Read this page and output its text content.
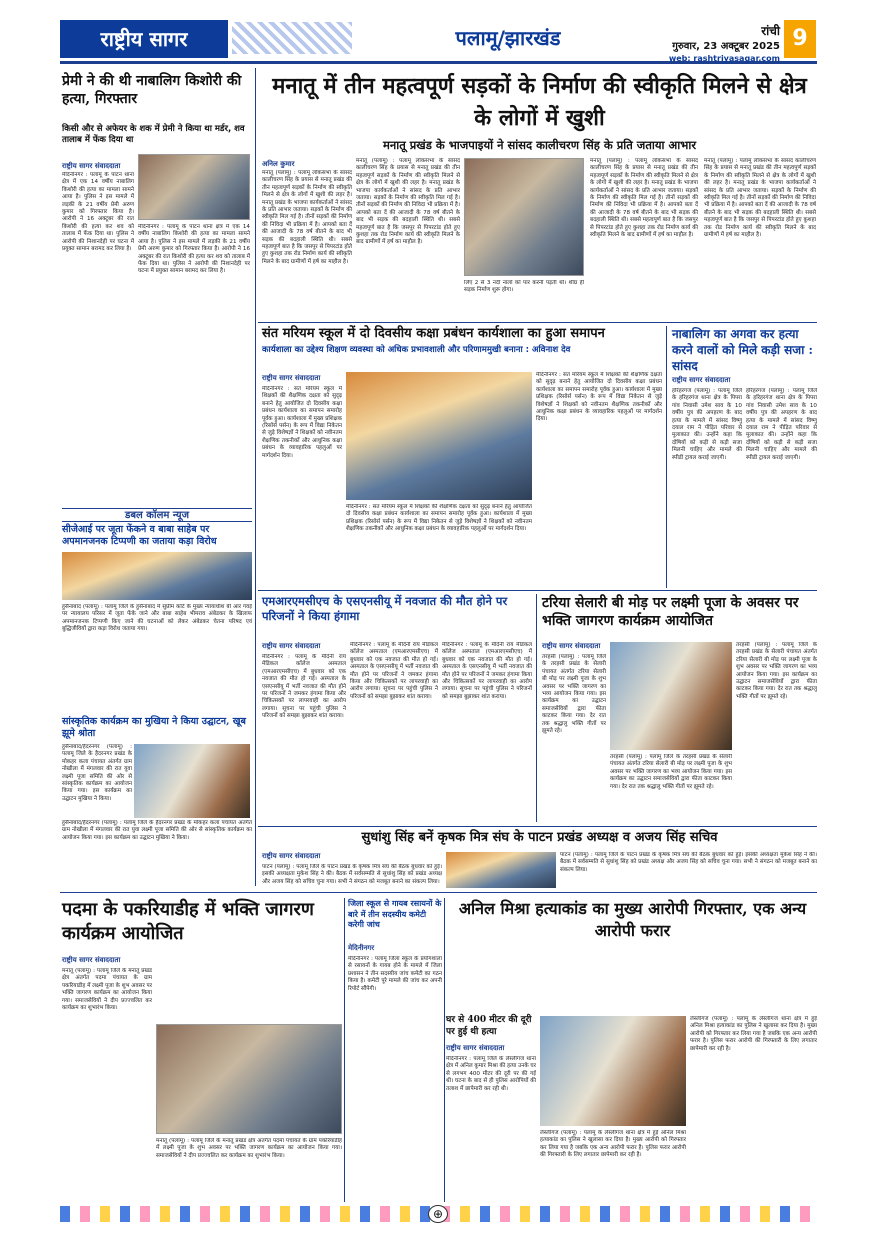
राष्ट्रीय सागर	पलामू/झारखंड	रांची
गुरुवार, 23 अक्टूबर 2025
web: rashtriyasagar.com
9
प्रेमी ने की थी नाबालिग किशोरी की हत्या, गिरफ्तार
किसी और से अफेयर के शक में प्रेमी ने किया था मर्डर, शव तालाब में फेंक दिया था
राष्ट्रीय सागर संवाददाता
मेदिनीनगर : पलामू के पाटन थाना क्षेत्र में एक 14 वर्षीय नाबालिग किशोरी की हत्या का मामला सामने आया है। पुलिस ने इस मामले में लड़की के 21 वर्षीय प्रेमी अरुण कुमार को गिरफ्तार किया है। आरोपी ने 16 अक्टूबर की रात किशोरी की हत्या कर शव को तालाब में फेंक दिया था। पुलिस ने आरोपी की निशानदेही पर घटना में प्रयुक्त सामान बरामद कर लिया है।
मेदिनीनगर : पलामू के पाटन थाना क्षेत्र में एक 14 वर्षीय नाबालिग किशोरी की हत्या का मामला सामने आया है। पुलिस ने इस मामले में लड़की के 21 वर्षीय प्रेमी अरुण कुमार को गिरफ्तार किया है। आरोपी ने 16 अक्टूबर की रात किशोरी की हत्या कर शव को तालाब में फेंक दिया था। पुलिस ने आरोपी की निशानदेही पर घटना में प्रयुक्त सामान बरामद कर लिया है।
डबल कॉलम न्यूज
सीजेआई पर जूता फेंकने व बाबा साहेब पर अपमानजनक टिप्पणी का जताया कड़ा विरोध
हुसैनाबाद (पलामू) : पलामू जिले के हुसैनाबाद में सुप्रीम कोर्ट के मुख्य न्यायाधीश बी आर गवई पर न्यायालय परिसर में जूता फेंके जाने और बाबा साहेब भीमराव अंबेडकर के खिलाफ अपमानजनक टिप्पणी किए जाने की घटनाओं को लेकर अंबेडकर चेतना परिषद एवं बुद्धिजीवियों द्वारा कड़ा विरोध जताया गया।
सांस्कृतिक कार्यक्रम का मुखिया ने किया उद्घाटन, खूब झूमे श्रोता
हुसैनाबाद/हैदरनगर (पलामू) : पलामू जिले के हैदरनगर प्रखंड के मोकहर कला पंचायत अंतर्गत ग्राम नोखीला में मंगलवार की रात युवा लक्ष्मी पूजा समिति की ओर से सांस्कृतिक कार्यक्रम का आयोजन किया गया। इस कार्यक्रम का उद्घाटन मुखिया ने किया।
हुसैनाबाद/हैदरनगर (पलामू) : पलामू जिले के हैदरनगर प्रखंड के मोकहर कला पंचायत अंतर्गत ग्राम नोखीला में मंगलवार की रात युवा लक्ष्मी पूजा समिति की ओर से सांस्कृतिक कार्यक्रम का आयोजन किया गया। इस कार्यक्रम का उद्घाटन मुखिया ने किया।
मनातू में तीन महत्वपूर्ण सड़कों के निर्माण की स्वीकृति मिलने से क्षेत्र के लोगों में खुशी
मनातू प्रखंड के भाजपाइयों ने सांसद कालीचरण सिंह के प्रति जताया आभार
अनिल कुमार
मनातू (पलामू) : पलामू लोकसभा के सांसद कालीचरण सिंह के प्रयास से मनातू प्रखंड की तीन महत्वपूर्ण सड़कों के निर्माण की स्वीकृति मिलने से क्षेत्र के लोगों में खुशी की लहर है। मनातू प्रखंड के भाजपा कार्यकर्ताओं ने सांसद के प्रति आभार जताया। सड़कों के निर्माण की स्वीकृति मिल गई है। तीनों सड़कों की निर्माण की निविदा भी प्रक्रिया में है। आपको बता दें की आजादी के 78 वर्ष बीतने के बाद भी सड़क की बदहाली स्थिति थी। सबसे महत्वपूर्ण बात है कि जसपुर से पिपरटांड होते हुए कुशहा तक रोड निर्माण कार्य की स्वीकृति मिलने के बाद ग्रामीणों में हर्ष का माहौल है।
मनातू (पलामू) : पलामू लोकसभा के सांसद कालीचरण सिंह के प्रयास से मनातू प्रखंड की तीन महत्वपूर्ण सड़कों के निर्माण की स्वीकृति मिलने से क्षेत्र के लोगों में खुशी की लहर है। मनातू प्रखंड के भाजपा कार्यकर्ताओं ने सांसद के प्रति आभार जताया। सड़कों के निर्माण की स्वीकृति मिल गई है। तीनों सड़कों की निर्माण की निविदा भी प्रक्रिया में है। आपको बता दें की आजादी के 78 वर्ष बीतने के बाद भी सड़क की बदहाली स्थिति थी। सबसे महत्वपूर्ण बात है कि जसपुर से पिपरटांड होते हुए कुशहा तक रोड निर्माण कार्य की स्वीकृति मिलने के बाद ग्रामीणों में हर्ष का माहौल है।
लिए 2 से 3 नदी नालों को पार करनी पड़ती थी। शीघ्र ही सड़क निर्माण शुरू होगा।
मनातू (पलामू) : पलामू लोकसभा के सांसद कालीचरण सिंह के प्रयास से मनातू प्रखंड की तीन महत्वपूर्ण सड़कों के निर्माण की स्वीकृति मिलने से क्षेत्र के लोगों में खुशी की लहर है। मनातू प्रखंड के भाजपा कार्यकर्ताओं ने सांसद के प्रति आभार जताया। सड़कों के निर्माण की स्वीकृति मिल गई है। तीनों सड़कों की निर्माण की निविदा भी प्रक्रिया में है। आपको बता दें की आजादी के 78 वर्ष बीतने के बाद भी सड़क की बदहाली स्थिति थी। सबसे महत्वपूर्ण बात है कि जसपुर से पिपरटांड होते हुए कुशहा तक रोड निर्माण कार्य की स्वीकृति मिलने के बाद ग्रामीणों में हर्ष का माहौल है।
मनातू (पलामू) : पलामू लोकसभा के सांसद कालीचरण सिंह के प्रयास से मनातू प्रखंड की तीन महत्वपूर्ण सड़कों के निर्माण की स्वीकृति मिलने से क्षेत्र के लोगों में खुशी की लहर है। मनातू प्रखंड के भाजपा कार्यकर्ताओं ने सांसद के प्रति आभार जताया। सड़कों के निर्माण की स्वीकृति मिल गई है। तीनों सड़कों की निर्माण की निविदा भी प्रक्रिया में है। आपको बता दें की आजादी के 78 वर्ष बीतने के बाद भी सड़क की बदहाली स्थिति थी। सबसे महत्वपूर्ण बात है कि जसपुर से पिपरटांड होते हुए कुशहा तक रोड निर्माण कार्य की स्वीकृति मिलने के बाद ग्रामीणों में हर्ष का माहौल है।
संत मरियम स्कूल में दो दिवसीय कक्षा प्रबंधन कार्यशाला का हुआ समापन
कार्यशाला का उद्देश्य शिक्षण व्यवस्था को अधिक प्रभावशाली और परिणाममुखी बनाना : अविनाश देव
राष्ट्रीय सागर संवाददाता
मेदिनीनगर : संत मरियम स्कूल में शिक्षकों की शैक्षणिक दक्षता को सुदृढ़ बनाने हेतु आयोजित दो दिवसीय कक्षा प्रबंधन कार्यशाला का समापन समारोह पूर्वक हुआ। कार्यशाला में मुख्य प्रशिक्षक (रिसोर्स पर्सन) के रूप में विद्या निकेतन से जुड़े विशेषज्ञों ने शिक्षकों को नवीनतम शैक्षणिक तकनीकों और आधुनिक कक्षा प्रबंधन के व्यावहारिक पहलुओं पर मार्गदर्शन दिया।
मेदिनीनगर : संत मरियम स्कूल में शिक्षकों की शैक्षणिक दक्षता को सुदृढ़ बनाने हेतु आयोजित दो दिवसीय कक्षा प्रबंधन कार्यशाला का समापन समारोह पूर्वक हुआ। कार्यशाला में मुख्य प्रशिक्षक (रिसोर्स पर्सन) के रूप में विद्या निकेतन से जुड़े विशेषज्ञों ने शिक्षकों को नवीनतम शैक्षणिक तकनीकों और आधुनिक कक्षा प्रबंधन के व्यावहारिक पहलुओं पर मार्गदर्शन दिया।
मेदिनीनगर : संत मरियम स्कूल में शिक्षकों की शैक्षणिक दक्षता को सुदृढ़ बनाने हेतु आयोजित दो दिवसीय कक्षा प्रबंधन कार्यशाला का समापन समारोह पूर्वक हुआ। कार्यशाला में मुख्य प्रशिक्षक (रिसोर्स पर्सन) के रूप में विद्या निकेतन से जुड़े विशेषज्ञों ने शिक्षकों को नवीनतम शैक्षणिक तकनीकों और आधुनिक कक्षा प्रबंधन के व्यावहारिक पहलुओं पर मार्गदर्शन दिया।
नाबालिग का अगवा कर हत्या करने वालों को मिले कड़ी सजा : सांसद
राष्ट्रीय सागर संवाददाता
हरिहरगंज (पलामू) : पलामू जिले के हरिहरगंज थाना क्षेत्र के पिपरा गांव निवासी उमेश साव के 10 वर्षीय पुत्र की अपहरण के बाद हत्या के मामले में सांसद विष्णु दयाल राम ने पीड़ित परिवार से मुलाकात की। उन्होंने कहा कि दोषियों को कड़ी से कड़ी सजा मिलनी चाहिए और मामले की स्पीडी ट्रायल कराई जाएगी।
हरिहरगंज (पलामू) : पलामू जिले के हरिहरगंज थाना क्षेत्र के पिपरा गांव निवासी उमेश साव के 10 वर्षीय पुत्र की अपहरण के बाद हत्या के मामले में सांसद विष्णु दयाल राम ने पीड़ित परिवार से मुलाकात की। उन्होंने कहा कि दोषियों को कड़ी से कड़ी सजा मिलनी चाहिए और मामले की स्पीडी ट्रायल कराई जाएगी।
एमआरएमसीएच के एसएनसीयू में नवजात की मौत होने पर परिजनों ने किया हंगामा
राष्ट्रीय सागर संवाददाता
मेदिनीनगर : पलामू के मेदिनी राय मेडिकल कॉलेज अस्पताल (एमआरएमसीएच) में बुधवार को एक नवजात की मौत हो गई। अस्पताल के एसएनसीयू में भर्ती नवजात की मौत होने पर परिजनों ने जमकर हंगामा किया और चिकित्सकों पर लापरवाही का आरोप लगाया। सूचना पर पहुंची पुलिस ने परिजनों को समझा बुझाकर शांत कराया।
मेदिनीनगर : पलामू के मेदिनी राय मेडिकल कॉलेज अस्पताल (एमआरएमसीएच) में बुधवार को एक नवजात की मौत हो गई। अस्पताल के एसएनसीयू में भर्ती नवजात की मौत होने पर परिजनों ने जमकर हंगामा किया और चिकित्सकों पर लापरवाही का आरोप लगाया। सूचना पर पहुंची पुलिस ने परिजनों को समझा बुझाकर शांत कराया।
मेदिनीनगर : पलामू के मेदिनी राय मेडिकल कॉलेज अस्पताल (एमआरएमसीएच) में बुधवार को एक नवजात की मौत हो गई। अस्पताल के एसएनसीयू में भर्ती नवजात की मौत होने पर परिजनों ने जमकर हंगामा किया और चिकित्सकों पर लापरवाही का आरोप लगाया। सूचना पर पहुंची पुलिस ने परिजनों को समझा बुझाकर शांत कराया।
टरिया सेलारी बी मोड़ पर लक्ष्मी पूजा के अवसर पर भक्ति जागरण कार्यक्रम आयोजित
राष्ट्रीय सागर संवाददाता
तरहसी (पलामू) : पलामू जिले के तरहसी प्रखंड के सेलारी पंचायत अंतर्गत टरिया सेलारी बी मोड़ पर लक्ष्मी पूजा के शुभ अवसर पर भक्ति जागरण का भव्य आयोजन किया गया। इस कार्यक्रम का उद्घाटन समाजसेवियों द्वारा फीता काटकर किया गया। देर रात तक श्रद्धालु भक्ति गीतों पर झूमते रहे।
तरहसी (पलामू) : पलामू जिले के तरहसी प्रखंड के सेलारी पंचायत अंतर्गत टरिया सेलारी बी मोड़ पर लक्ष्मी पूजा के शुभ अवसर पर भक्ति जागरण का भव्य आयोजन किया गया। इस कार्यक्रम का उद्घाटन समाजसेवियों द्वारा फीता काटकर किया गया। देर रात तक श्रद्धालु भक्ति गीतों पर झूमते रहे।
तरहसी (पलामू) : पलामू जिले के तरहसी प्रखंड के सेलारी पंचायत अंतर्गत टरिया सेलारी बी मोड़ पर लक्ष्मी पूजा के शुभ अवसर पर भक्ति जागरण का भव्य आयोजन किया गया। इस कार्यक्रम का उद्घाटन समाजसेवियों द्वारा फीता काटकर किया गया। देर रात तक श्रद्धालु भक्ति गीतों पर झूमते रहे।
सुधांशु सिंह बनें कृषक मित्र संघ के पाटन प्रखंड अध्यक्ष व अजय सिंह सचिव
राष्ट्रीय सागर संवाददाता
पाटन (पलामू) : पलामू जिले के पाटन प्रखंड के कृषक मित्र संघ की बैठक बुधवार को हुई। इसकी अध्यक्षता मुकेश सिंह ने की। बैठक में सर्वसम्मति से सुधांशु सिंह को प्रखंड अध्यक्ष और अजय सिंह को सचिव चुना गया। सभी ने संगठन को मजबूत बनाने का संकल्प लिया।
पाटन (पलामू) : पलामू जिले के पाटन प्रखंड के कृषक मित्र संघ की बैठक बुधवार को हुई। इसकी अध्यक्षता मुकेश सिंह ने की। बैठक में सर्वसम्मति से सुधांशु सिंह को प्रखंड अध्यक्ष और अजय सिंह को सचिव चुना गया। सभी ने संगठन को मजबूत बनाने का संकल्प लिया।
पदमा के पकरियाडीह में भक्ति जागरण कार्यक्रम आयोजित
राष्ट्रीय सागर संवाददाता
मनातू (पलामू) : पलामू जिले के मनातू प्रखंड क्षेत्र अंतर्गत पदमा पंचायत के ग्राम पकरियाडीह में लक्ष्मी पूजा के शुभ अवसर पर भक्ति जागरण कार्यक्रम का आयोजन किया गया। समाजसेवियों ने दीप प्रज्ज्वलित कर कार्यक्रम का शुभारंभ किया।
मनातू (पलामू) : पलामू जिले के मनातू प्रखंड क्षेत्र अंतर्गत पदमा पंचायत के ग्राम पकरियाडीह में लक्ष्मी पूजा के शुभ अवसर पर भक्ति जागरण कार्यक्रम का आयोजन किया गया। समाजसेवियों ने दीप प्रज्ज्वलित कर कार्यक्रम का शुभारंभ किया।
जिला स्कूल से गायब रसायनों के बारे में तीन सदस्यीय कमेटी करेगी जांच
मेदिनीनगर
मेदिनीनगर : पलामू जिला स्कूल के प्रयोगशाला से रसायनों के गायब होने के मामले में जिला प्रशासन ने तीन सदस्यीय जांच कमेटी का गठन किया है। कमेटी पूरे मामले की जांच कर अपनी रिपोर्ट सौंपेगी।
घर से 400 मीटर की दूरी पर हुई थी हत्या
राष्ट्रीय सागर संवाददाता
मेदिनीनगर : पलामू जिले के लेस्लीगंज थाना क्षेत्र में अनिल कुमार मिश्रा की हत्या उनके घर से लगभग 400 मीटर की दूरी पर की गई थी। घटना के बाद से ही पुलिस आरोपियों की तलाश में छापेमारी कर रही थी।
अनिल मिश्रा हत्याकांड का मुख्य आरोपी गिरफ्तार, एक अन्य आरोपी फरार
लेस्लीगंज (पलामू) : पलामू के लेस्लीगंज थाना क्षेत्र में हुई अनिल मिश्रा हत्याकांड का पुलिस ने खुलासा कर दिया है। मुख्य आरोपी को गिरफ्तार कर लिया गया है जबकि एक अन्य आरोपी फरार है। पुलिस फरार आरोपी की गिरफ्तारी के लिए लगातार छापेमारी कर रही है।
लेस्लीगंज (पलामू) : पलामू के लेस्लीगंज थाना क्षेत्र में हुई अनिल मिश्रा हत्याकांड का पुलिस ने खुलासा कर दिया है। मुख्य आरोपी को गिरफ्तार कर लिया गया है जबकि एक अन्य आरोपी फरार है। पुलिस फरार आरोपी की गिरफ्तारी के लिए लगातार छापेमारी कर रही है।
⊕
